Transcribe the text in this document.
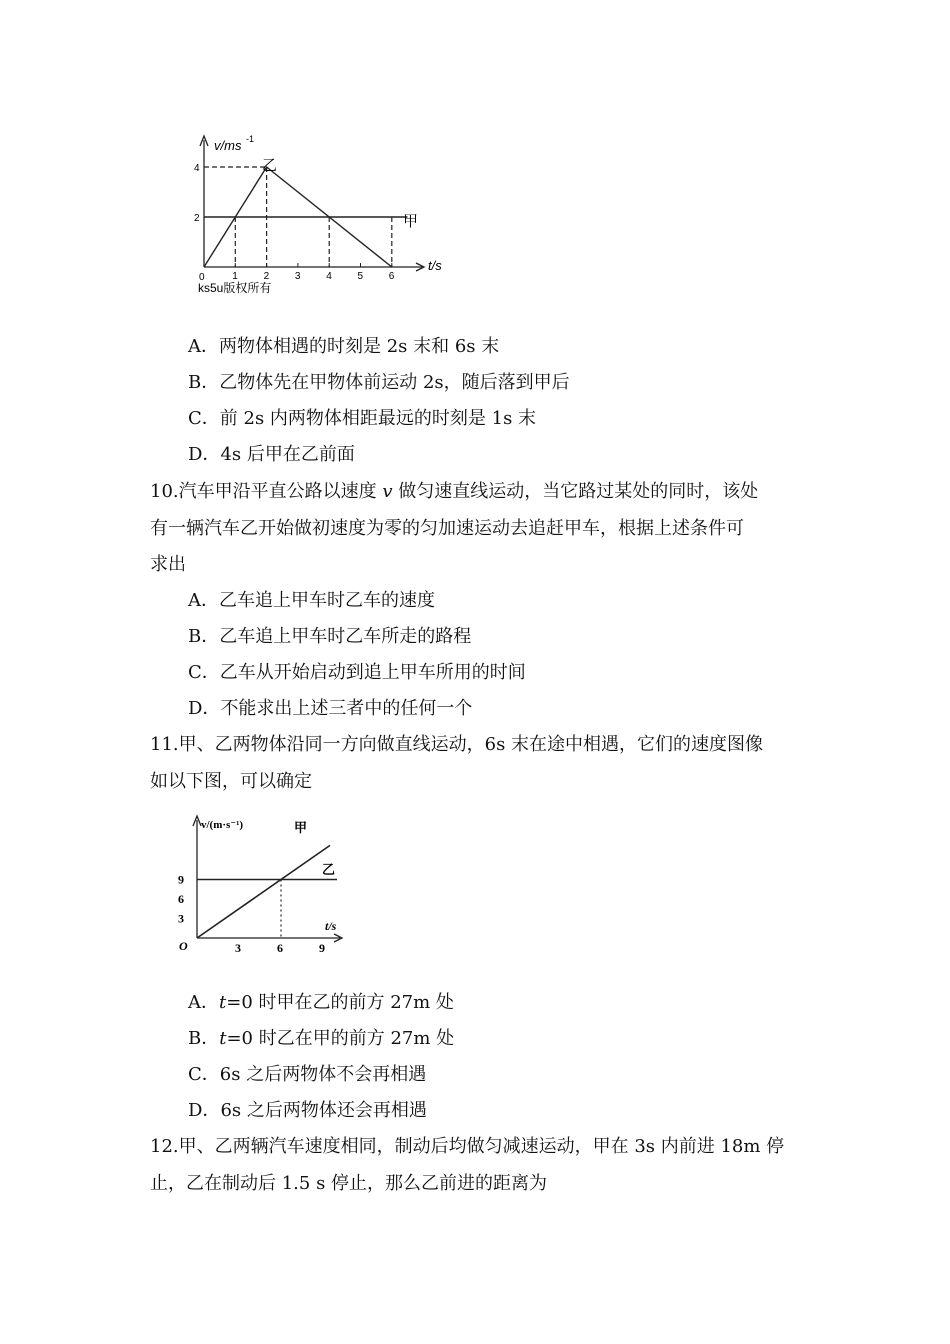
v/ms -1
t/s
0	1	2	3	4	5	6
2
4	乙
甲
ks5u版权所有
A．两物体相遇的时刻是 2s 末和 6s 末
B．乙物体先在甲物体前运动 2s，随后落到甲后
C．前 2s 内两物体相距最远的时刻是 1s 末
D．4s 后甲在乙前面
10.汽车甲沿平直公路以速度 v 做匀速直线运动，当它路过某处的同时，该处
有一辆汽车乙开始做初速度为零的匀加速运动去追赶甲车，根据上述条件可
求出
A．乙车追上甲车时乙车的速度
B．乙车追上甲车时乙车所走的路程
C．乙车从开始启动到追上甲车所用的时间
D．不能求出上述三者中的任何一个
11.甲、乙两物体沿同一方向做直线运动，6s 末在途中相遇，它们的速度图像
如以下图，可以确定
v/(m·s⁻¹)
t/s
O	3	6	9
3
6
9
甲
乙
A．t=0 时甲在乙的前方 27m 处
B．t=0 时乙在甲的前方 27m 处
C．6s 之后两物体不会再相遇
D．6s 之后两物体还会再相遇
12.甲、乙两辆汽车速度相同，制动后均做匀减速运动，甲在 3s 内前进 18m 停
止，乙在制动后 1.5 s 停止，那么乙前进的距离为
